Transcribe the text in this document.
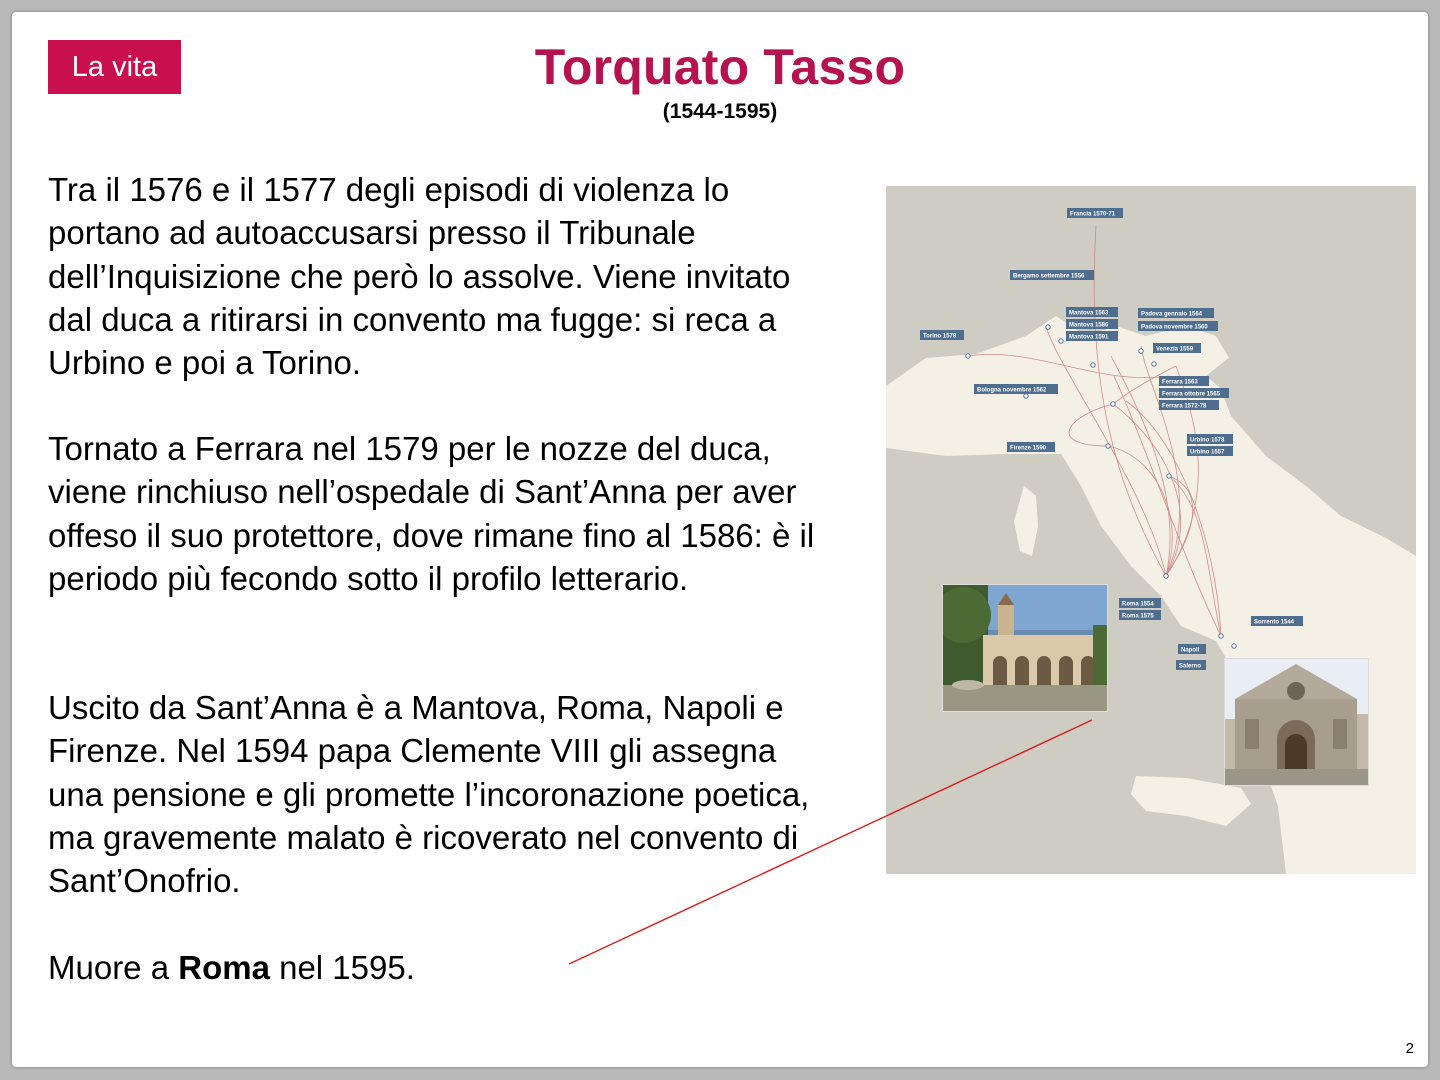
La vita	Torquato Tasso
(1544-1595)

Tra il 1576 e il 1577 degli episodi di violenza lo portano ad autoaccusarsi presso il Tribunale dell’Inquisizione che però lo assolve. Viene invitato dal duca a ritirarsi in convento ma fugge: si reca a Urbino e poi a Torino.

Tornato a Ferrara nel 1579 per le nozze del duca, viene rinchiuso nell’ospedale di Sant’Anna per aver offeso il suo protettore, dove rimane fino al 1586: è il periodo più fecondo sotto il profilo letterario.

Uscito da Sant’Anna è a Mantova, Roma, Napoli e Firenze. Nel 1594 papa Clemente VIII gli assegna una pensione e gli promette l’incoronazione poetica, ma gravemente malato è ricoverato nel convento di Sant’Onofrio.

Muore a Roma nel 1595.

Francia 1570-71
Bergamo settembre 1556
Mantova 1563
Mantova 1586
Mantova 1591
Padova gennaio 1564
Padova novembre 1560
Venezia 1559
Torino 1578
Bologna novembre 1562
Ferrara 1563
Ferrara ottobre 1565
Ferrara 1572-78
Urbino 1578
Urbino 1557
Firenze 1590
Roma 1554
Roma 1575
Sorrento 1544
Napoli
Salerno
2
